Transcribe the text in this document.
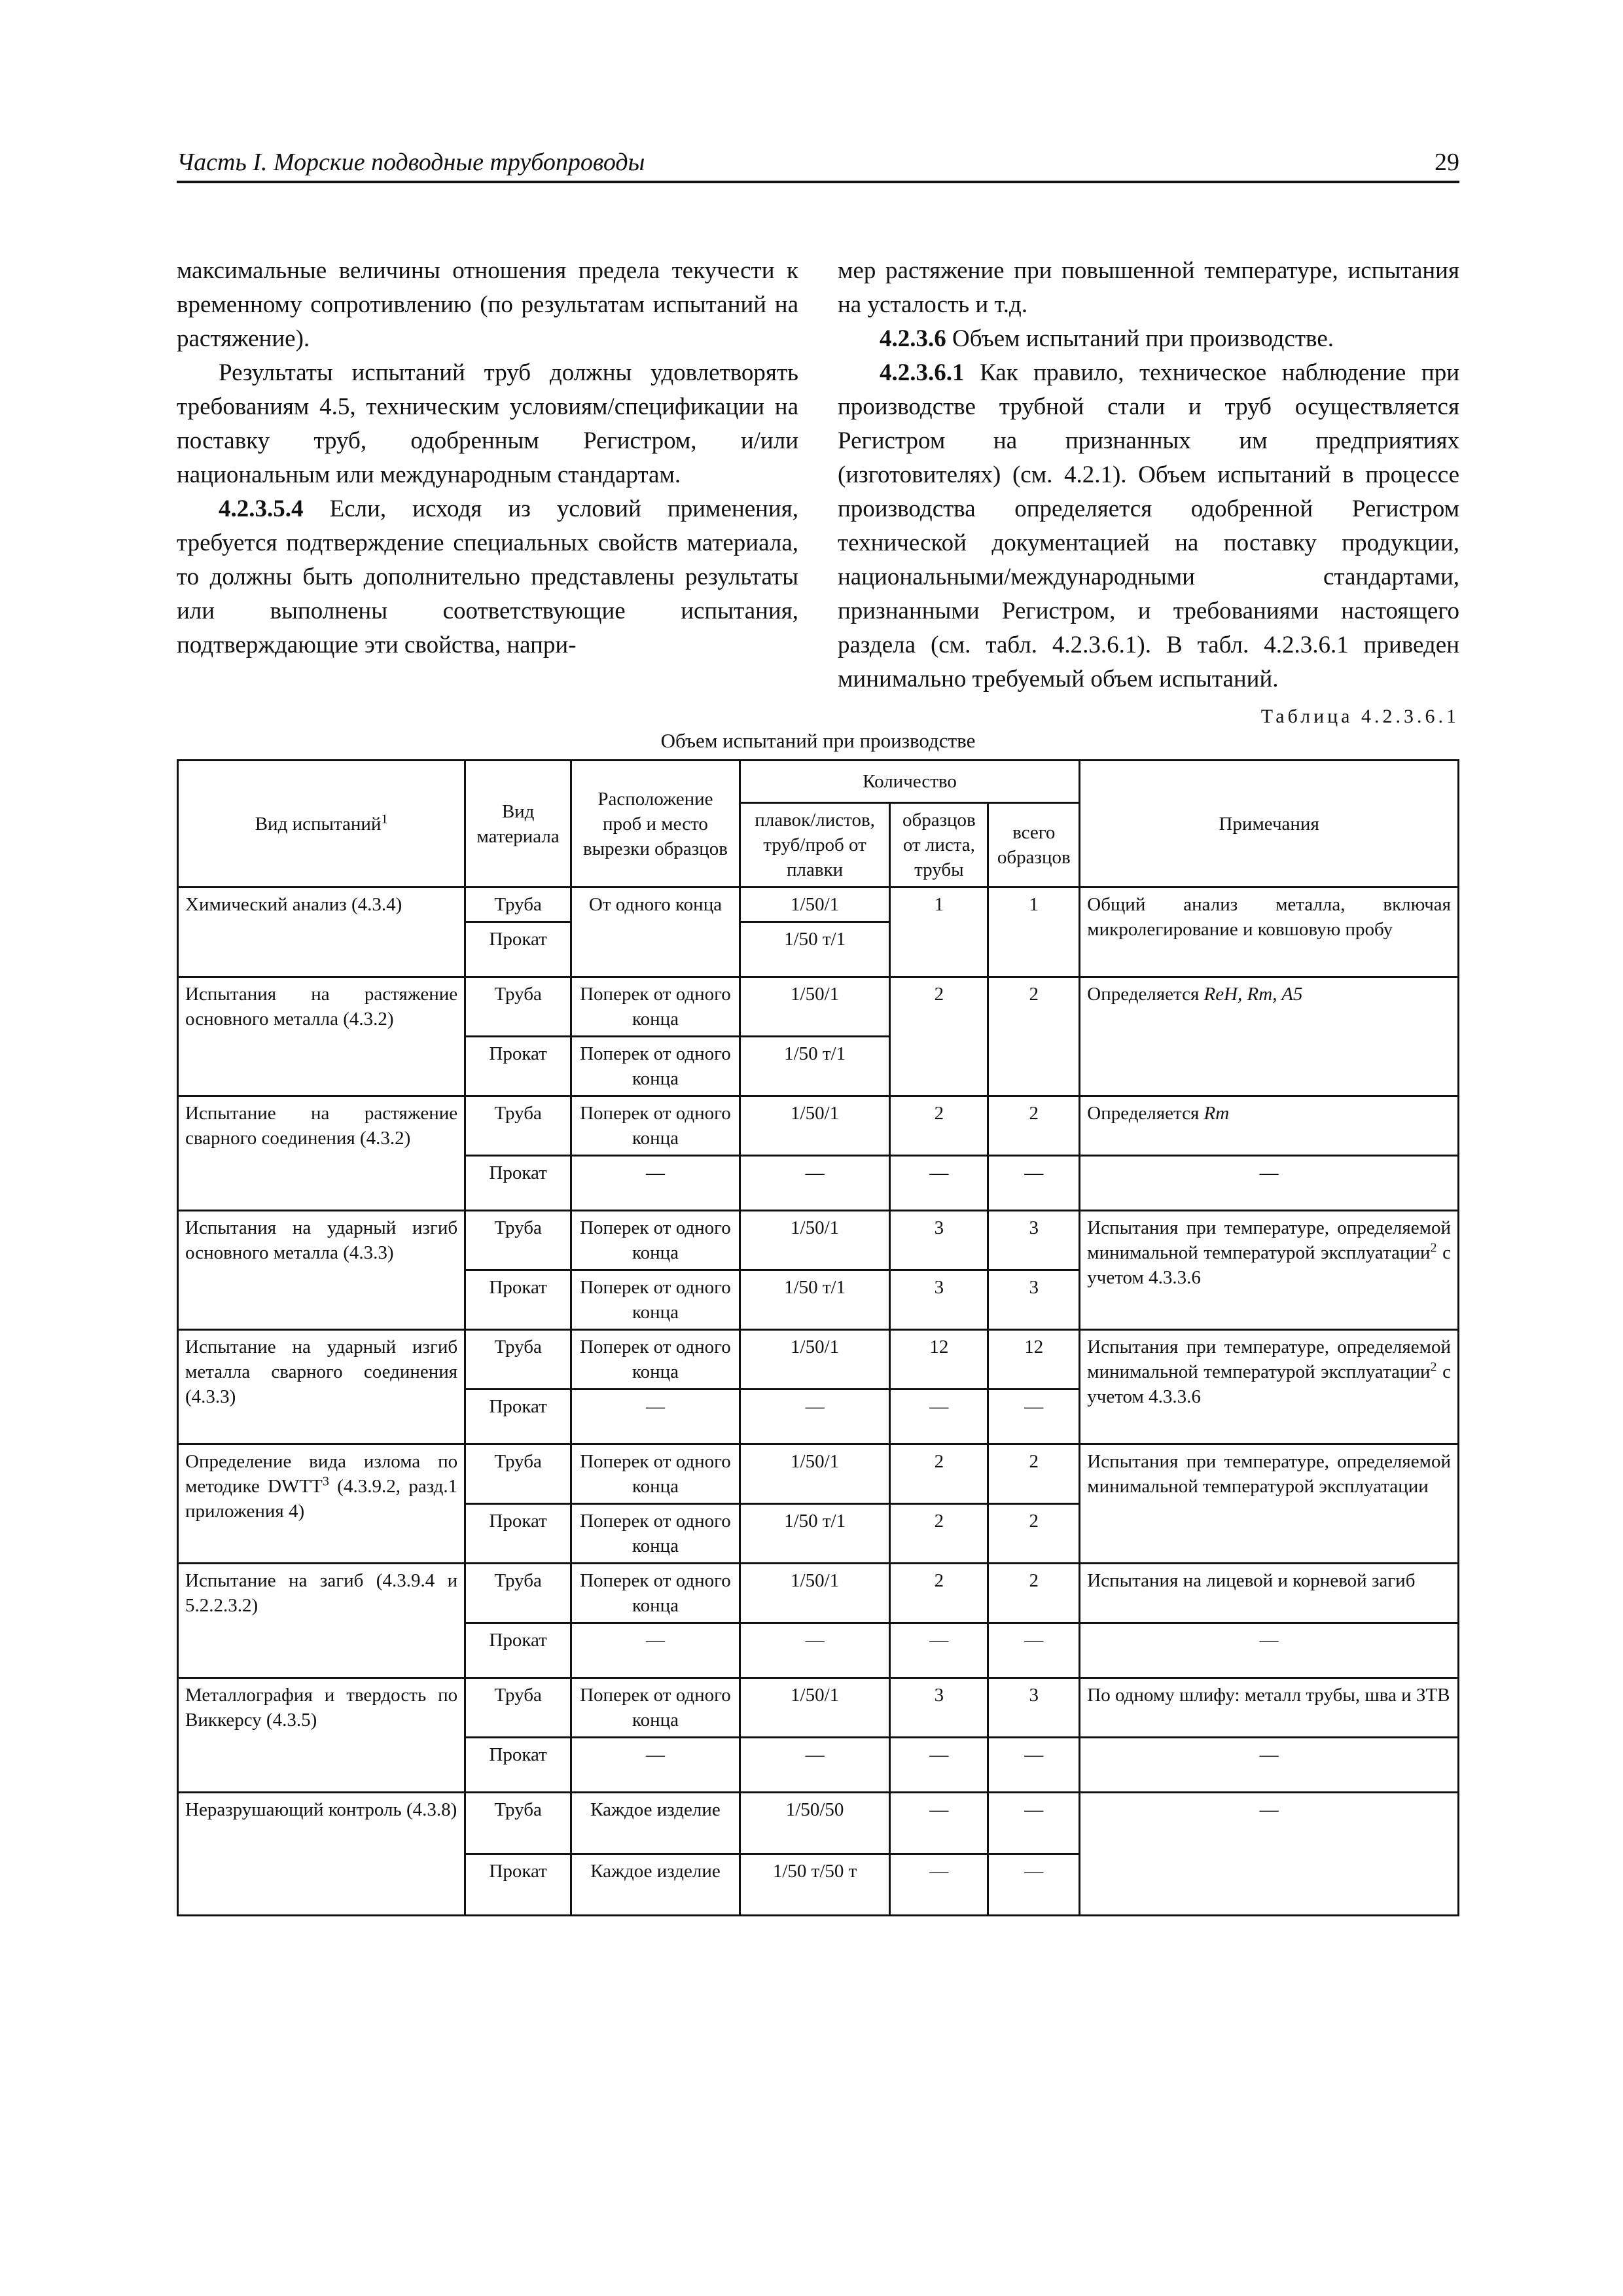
Часть I. Морские подводные трубопроводы	29

максимальные величины отношения предела текучести к временному сопротивлению (по результатам испытаний на растяжение).

Результаты испытаний труб должны удовлетворять требованиям 4.5, техническим условиям/спецификации на поставку труб, одобренным Регистром, и/или национальным или международным стандартам.

4.2.3.5.4 Если, исходя из условий применения, требуется подтверждение специальных свойств материала, то должны быть дополнительно представлены результаты или выполнены соответствующие испытания, подтверждающие эти свойства, напри-

мер растяжение при повышенной температуре, испытания на усталость и т.д.

4.2.3.6 Объем испытаний при производстве.

4.2.3.6.1 Как правило, техническое наблюдение при производстве трубной стали и труб осуществляется Регистром на признанных им предприятиях (изготовителях) (см. 4.2.1). Объем испытаний в процессе производства определяется одобренной Регистром технической документацией на поставку продукции, национальными/международными стандартами, признанными Регистром, и требованиями настоящего раздела (см. табл. 4.2.3.6.1). В табл. 4.2.3.6.1 приведен минимально требуемый объем испытаний.

Таблица 4.2.3.6.1
Объем испытаний при производстве
Вид испытаний$^1$	Вид материала	Расположение проб и место вырезки образцов	Количество			Примечания
			плавок/листов, труб/проб от плавки	образцов от листа, трубы	всего образцов	
Химический анализ (4.3.4)	Труба	От одного конца	1/50/1	1	1	Общий анализ металла, включая микролегирование и ковшовую пробу
	Прокат		1/50 т/1			
Испытания на растяжение основного металла (4.3.2)	Труба	Поперек от одного конца	1/50/1	2	2	Определяется ReH, Rm, A5
	Прокат	Поперек от одного конца	1/50 т/1			
Испытание на растяжение сварного соединения (4.3.2)	Труба	Поперек от одного конца	1/50/1	2	2	Определяется Rm
	Прокат	—	—	—	—	—
Испытания на ударный изгиб основного металла (4.3.3)	Труба	Поперек от одного конца	1/50/1	3	3	Испытания при температуре, определяемой минимальной температурой эксплуатации$^2$ с учетом 4.3.3.6
	Прокат	Поперек от одного конца	1/50 т/1	3	3	
Испытание на ударный изгиб металла сварного соединения (4.3.3)	Труба	Поперек от одного конца	1/50/1	12	12	Испытания при температуре, определяемой минимальной температурой эксплуатации$^2$ с учетом 4.3.3.6
	Прокат	—	—	—	—	
Определение вида излома по методике DWTT$^3$ (4.3.9.2, разд.1 приложения 4)	Труба	Поперек от одного конца	1/50/1	2	2	Испытания при температуре, определяемой минимальной температурой эксплуатации
	Прокат	Поперек от одного конца	1/50 т/1	2	2	
Испытание на загиб (4.3.9.4 и 5.2.2.3.2)	Труба	Поперек от одного конца	1/50/1	2	2	Испытания на лицевой и корневой загиб
	Прокат	—	—	—	—	—
Металлография и твердость по Виккерсу (4.3.5)	Труба	Поперек от одного конца	1/50/1	3	3	По одному шлифу: металл трубы, шва и ЗТВ
	Прокат	—	—	—	—	—
Неразрушающий контроль (4.3.8)	Труба	Каждое изделие	1/50/50	—	—	—
	Прокат	Каждое изделие	1/50 т/50 т	—	—	
